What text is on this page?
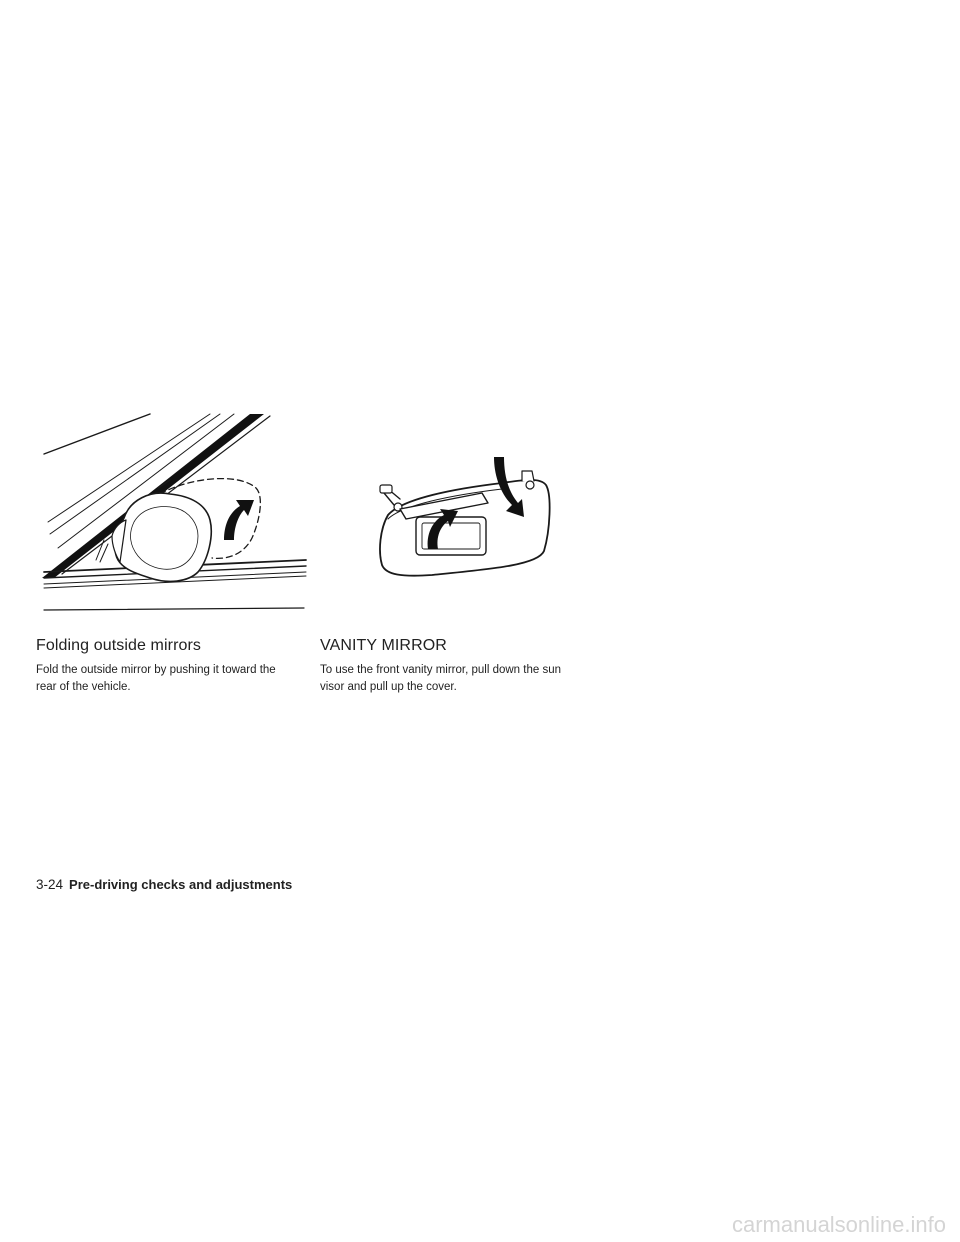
Folding outside mirrors

Fold the outside mirror by pushing it toward the
rear of the vehicle.

VANITY MIRROR

To use the front vanity mirror, pull down the sun
visor and pull up the cover.

3-24 Pre-driving checks and adjustments
carmanualsonline.info
